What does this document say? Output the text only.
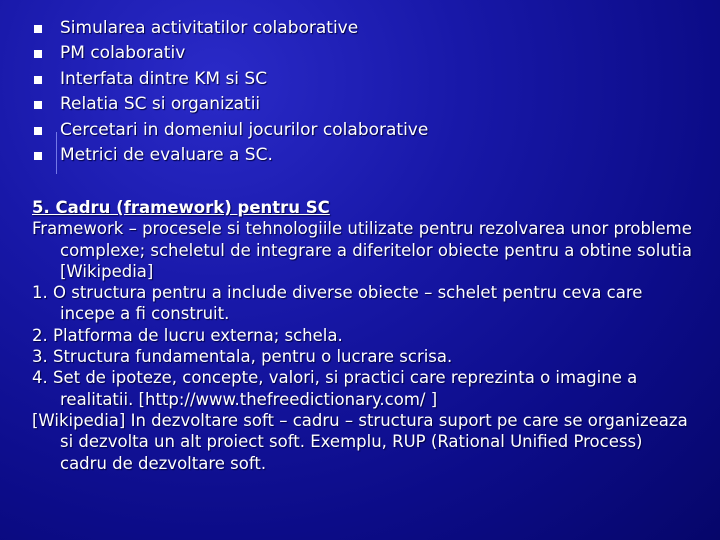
Simularea activitatilor colaborative
PM colaborativ
Interfata dintre KM si SC
Relatia SC si organizatii
Cercetari in domeniul jocurilor colaborative
Metrici de evaluare a SC.
5. Cadru (framework) pentru SC
Framework – procesele si tehnologiile utilizate pentru rezolvarea unor probleme complexe; scheletul de integrare a diferitelor obiecte pentru a obtine solutia [Wikipedia]
1. O structura pentru a include diverse obiecte – schelet pentru ceva care incepe a fi construit.
2. Platforma de lucru externa; schela.
3. Structura fundamentala, pentru o lucrare scrisa.
4. Set de ipoteze, concepte, valori, si practici care reprezinta o imagine a realitatii. [http://www.thefreedictionary.com/ ]
[Wikipedia] In dezvoltare soft – cadru – structura suport pe care se organizeaza si dezvolta un alt proiect soft. Exemplu, RUP (Rational Unified Process) cadru de dezvoltare soft.
